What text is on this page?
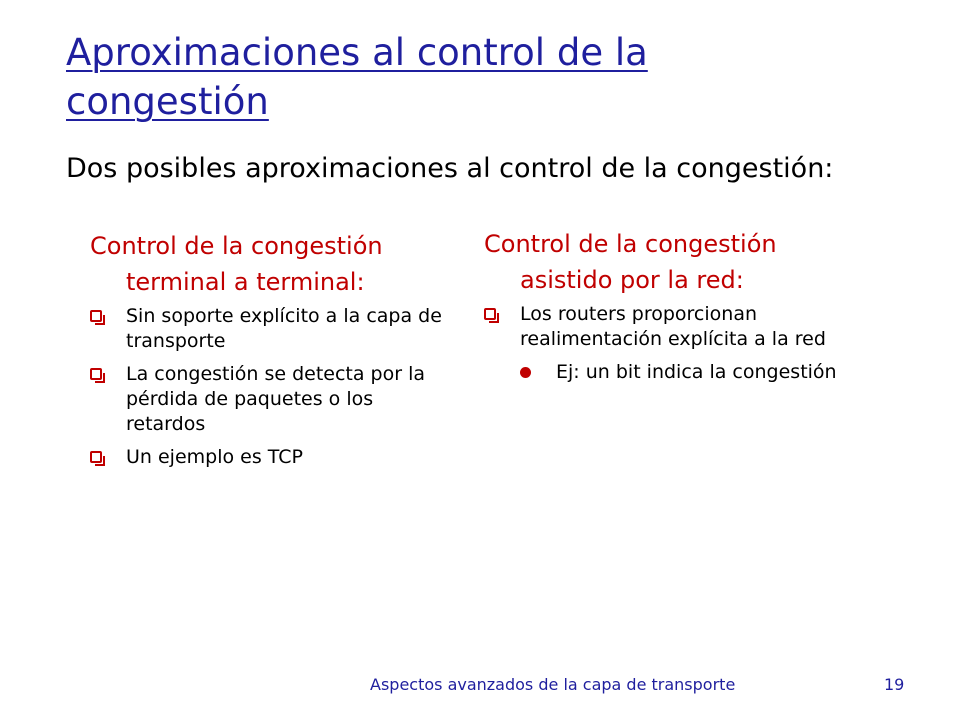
Aproximaciones al control de la congestión

Dos posibles aproximaciones al control de la congestión:

Control de la congestión
terminal a terminal:
Sin soporte explícito a la capa de transporte
La congestión se detecta por la pérdida de paquetes o los retardos
Un ejemplo es TCP
Control de la congestión
asistido por la red:
Los routers proporcionan realimentación explícita a la red
Ej: un bit indica la congestión
Aspectos avanzados de la capa de transporte	19
